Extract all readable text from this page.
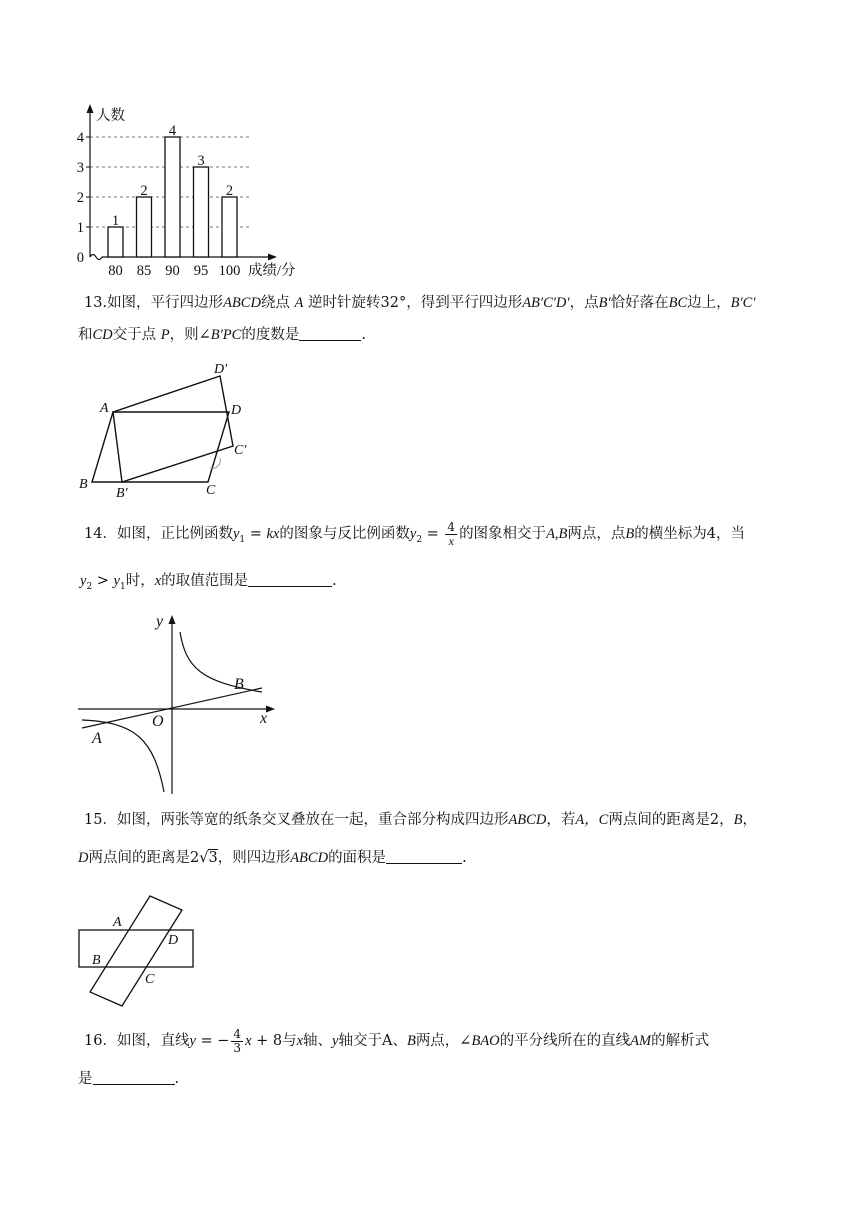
0
1
2
3
4
1
80
2
85
4
90
3
95
2
100
人数
成绩/分
13.如图，平行四边形ABCD绕点 A 逆时针旋转32°，得到平行四边形AB′C′D′，点B′恰好落在BC边上，B′C′
和CD交于点 P，则∠B′PC的度数是	.
A	D
D′
C′
B
B′	C
14．如图，正比例函数$y_1$ = kx的图象与反比例函数$y_2 = \frac{4}{x}$ 的图象相交于A,B两点，点B的横坐标为4，当
$y_2 > y_1$时，x的取值范围是	.
y
x
O
A
B
15．如图，两张等宽的纸条交叉叠放在一起，重合部分构成四边形ABCD，若A，C两点间的距离是2，B，
D两点间的距离是2√3，则四边形ABCD的面积是	.
A
D
B
C
16．如图，直线y = − $\frac{4}{3}$ x + 8与x轴、y轴交于A、B两点，∠BAO的平分线所在的直线AM的解析式
是	.
